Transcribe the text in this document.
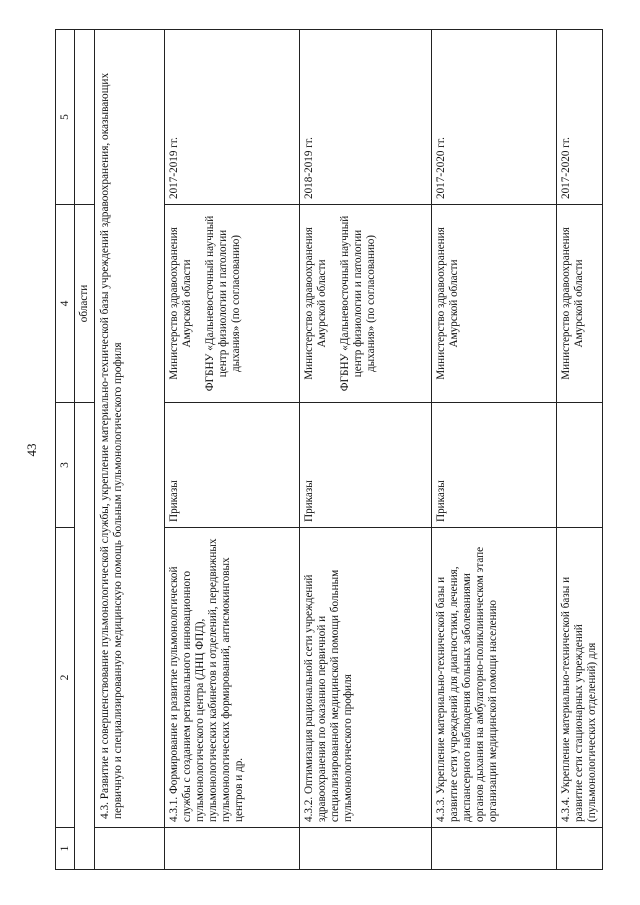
43
1	2	3	4	5
			области	
	4.3. Развитие и совершенствование пульмонологической службы, укрепление материально-технической базы учреждений здравоохранения, оказывающих первичную и специализированную медицинскую помощь больным пульмонологического профиля			
	4.3.1. Формирование и развитие пульмонологической службы с созданием регионального инновационного пульмонологического центра (ДНЦ ФПД), пульмонологических кабинетов и отделений, передвижных пульмонологических формирований, антисмокинговых центров и др.	Приказы	Министерство здравоохранения Амурской области ФГБНУ «Дальневосточный научный центр физиологии и патологии дыхания» (по согласованию)	2017-2019 гг.
	4.3.2. Оптимизация рациональной сети учреждений здравоохранения по оказанию первичной и специализированной медицинской помощи больным пульмонологического профиля	Приказы	Министерство здравоохранения Амурской области ФГБНУ «Дальневосточный научный центр физиологии и патологии дыхания» (по согласованию)	2018-2019 гг.
	4.3.3. Укрепление материально-технической базы и развитие сети учреждений для диагностики, лечения, диспансерного наблюдения больных заболеваниями органов дыхания на амбулаторно-поликлиническом этапе организации медицинской помощи населению	Приказы	Министерство здравоохранения Амурской области	2017-2020 гг.
	4.3.4. Укрепление материально-технической базы и развитие сети стационарных учреждений (пульмонологических отделений) для		Министерство здравоохранения Амурской области	2017-2020 гг.
